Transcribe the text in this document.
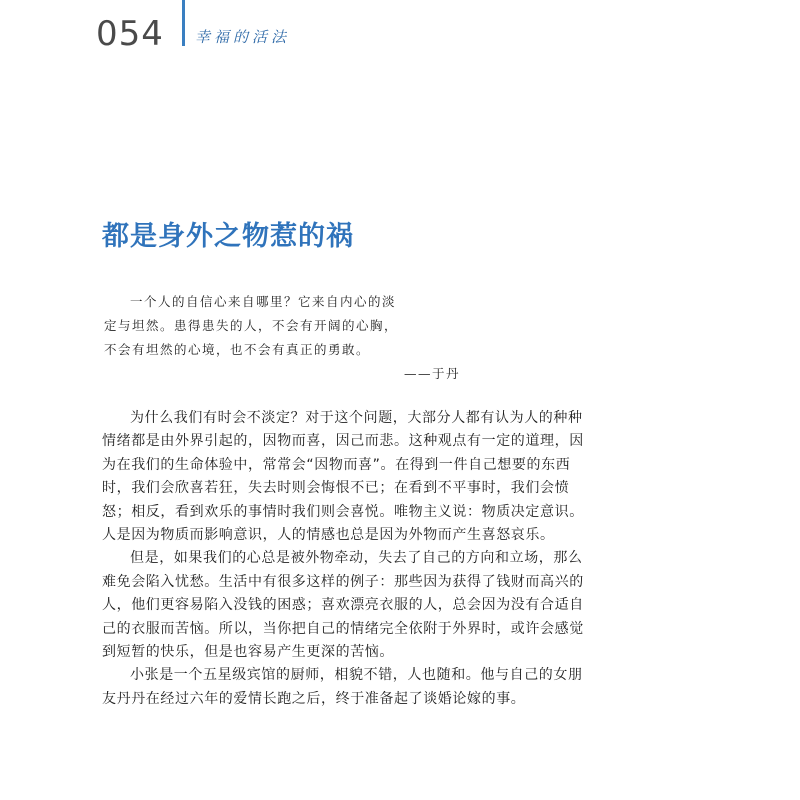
054 幸福的活法
都是身外之物惹的祸
一个人的自信心来自哪里？它来自内心的淡
定与坦然。患得患失的人，不会有开阔的心胸，
不会有坦然的心境，也不会有真正的勇敢。
——于丹
为什么我们有时会不淡定？对于这个问题，大部分人都有认为人的种种
情绪都是由外界引起的，因物而喜，因己而悲。这种观点有一定的道理，因
为在我们的生命体验中，常常会“因物而喜”。在得到一件自己想要的东西
时，我们会欣喜若狂，失去时则会悔恨不已；在看到不平事时，我们会愤
怒；相反，看到欢乐的事情时我们则会喜悦。唯物主义说：物质决定意识。
人是因为物质而影响意识，人的情感也总是因为外物而产生喜怒哀乐。
但是，如果我们的心总是被外物牵动，失去了自己的方向和立场，那么
难免会陷入忧愁。生活中有很多这样的例子：那些因为获得了钱财而高兴的
人，他们更容易陷入没钱的困惑；喜欢漂亮衣服的人，总会因为没有合适自
己的衣服而苦恼。所以，当你把自己的情绪完全依附于外界时，或许会感觉
到短暂的快乐，但是也容易产生更深的苦恼。
小张是一个五星级宾馆的厨师，相貌不错，人也随和。他与自己的女朋
友丹丹在经过六年的爱情长跑之后，终于准备起了谈婚论嫁的事。
